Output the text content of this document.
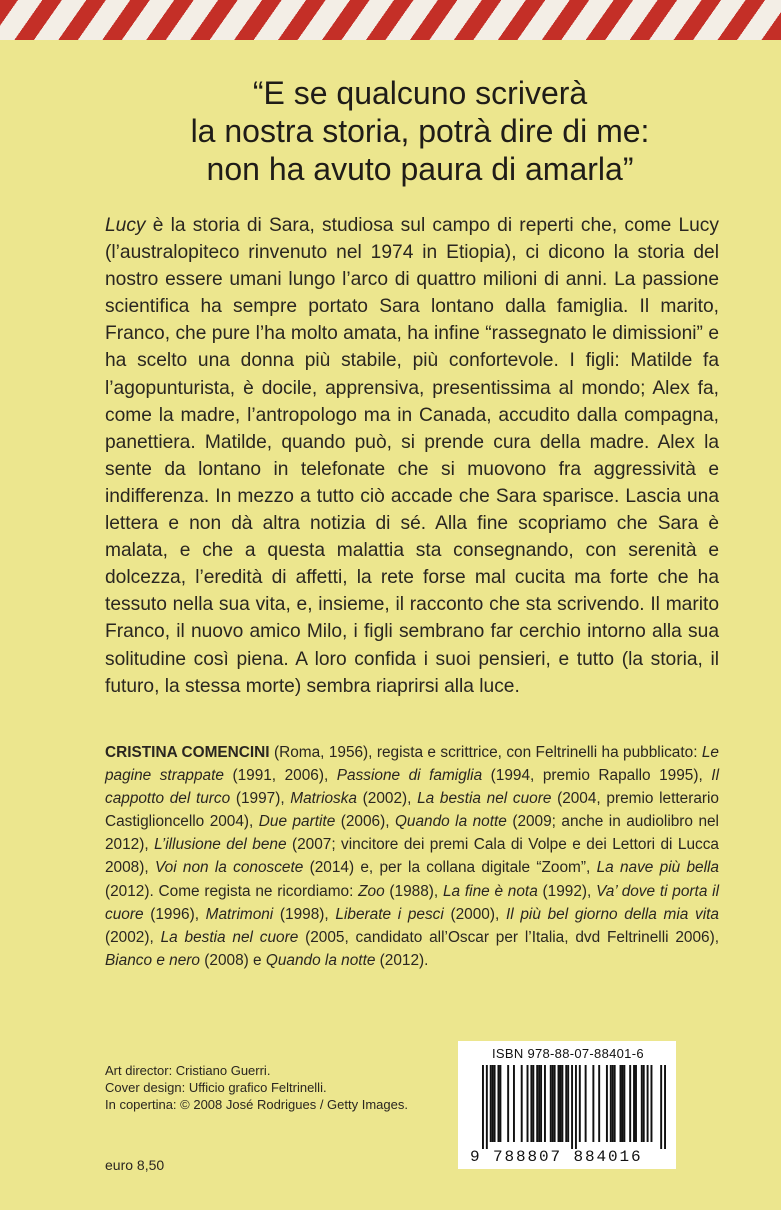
“E se qualcuno scriverà
la nostra storia, potrà dire di me:
non ha avuto paura di amarla”

Lucy è la storia di Sara, studiosa sul campo di reperti che, come Lucy (l’australopiteco rinvenuto nel 1974 in Etiopia), ci dicono la storia del nostro essere umani lungo l’arco di quattro milioni di anni. La passione scientifica ha sempre portato Sara lontano dalla famiglia. Il marito, Franco, che pure l’ha molto amata, ha infine “rassegnato le dimissioni” e ha scelto una donna più stabile, più confortevole. I figli: Matilde fa l’agopunturista, è docile, apprensiva, presentissima al mondo; Alex fa, come la madre, l’antropologo ma in Canada, accudito dalla compagna, panettiera. Matilde, quando può, si prende cura della madre. Alex la sente da lontano in telefonate che si muovono fra aggressività e indifferenza. In mezzo a tutto ciò accade che Sara sparisce. Lascia una lettera e non dà altra notizia di sé. Alla fine scopriamo che Sara è malata, e che a questa malattia sta consegnando, con serenità e dolcezza, l’eredità di affetti, la rete forse mal cucita ma forte che ha tessuto nella sua vita, e, insieme, il racconto che sta scrivendo. Il marito Franco, il nuovo amico Milo, i figli sembrano far cerchio intorno alla sua solitudine così piena. A loro confida i suoi pensieri, e tutto (la storia, il futuro, la stessa morte) sembra riaprirsi alla luce.

CRISTINA COMENCINI (Roma, 1956), regista e scrittrice, con Feltrinelli ha pubblicato: Le pagine strappate (1991, 2006), Passione di famiglia (1994, premio Rapallo 1995), Il cappotto del turco (1997), Matrioska (2002), La bestia nel cuore (2004, premio letterario Castiglioncello 2004), Due partite (2006), Quando la notte (2009; anche in audiolibro nel 2012), L’illusione del bene (2007; vincitore dei premi Cala di Volpe e dei Lettori di Lucca 2008), Voi non la conoscete (2014) e, per la collana digitale “Zoom”, La nave più bella (2012). Come regista ne ricordiamo: Zoo (1988), La fine è nota (1992), Va’ dove ti porta il cuore (1996), Matrimoni (1998), Liberate i pesci (2000), Il più bel giorno della mia vita (2002), La bestia nel cuore (2005, candidato all’Oscar per l’Italia, dvd Feltrinelli 2006), Bianco e nero (2008) e Quando la notte (2012).

Art director: Cristiano Guerri.
Cover design: Ufficio grafico Feltrinelli.
In copertina: © 2008 José Rodrigues / Getty Images.
euro 8,50
ISBN 978-88-07-88401-6
9 788807 884016
